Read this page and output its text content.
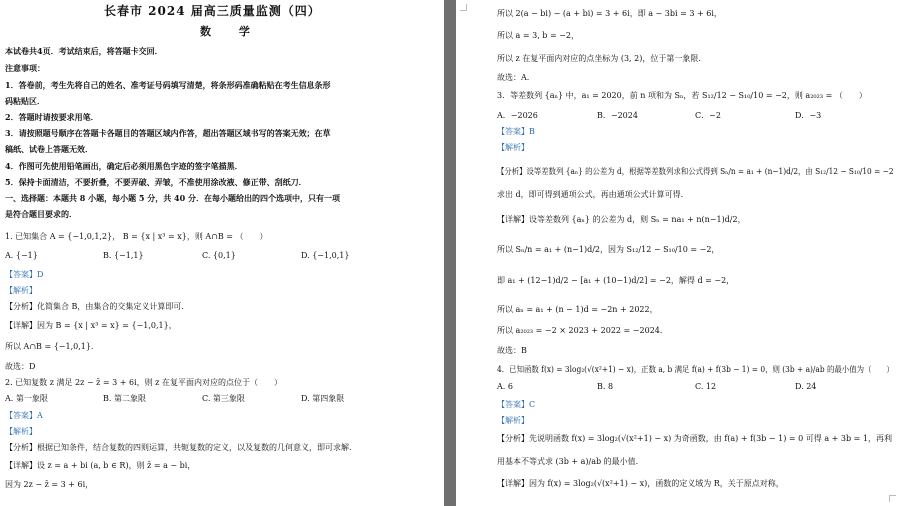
长春市 2024 届高三质量监测（四）
数 学
本试卷共4页．考试结束后，将答题卡交回．
注意事项：
1．答卷前，考生先将自己的姓名、准考证号码填写清楚，将条形码准确粘贴在考生信息条形
码粘贴区．
2．答题时请按要求用笔．
3．请按照题号顺序在答题卡各题目的答题区域内作答，超出答题区域书写的答案无效；在草
稿纸、试卷上答题无效．
4．作图可先使用铅笔画出，确定后必须用黑色字迹的签字笔描黑．
5．保持卡面清洁，不要折叠，不要弄破、弄皱，不准使用涂改液、修正带、刮纸刀．
一、选择题：本题共 8 小题，每小题 5 分，共 40 分．在每小题给出的四个选项中，只有一项
是符合题目要求的．
1. 已知集合 A = {−1,0,1,2}， B = {x | x³ = x}，则 A∩B = （　　）
A. {−1}	B. {−1,1}	C. {0,1}	D. {−1,0,1}
【答案】D
【解析】
【分析】化简集合 B，由集合的交集定义计算即可.
【详解】因为 B = {x | x³ = x} = {−1,0,1}，
所以 A∩B = {−1,0,1}．
故选：D
2. 已知复数 z 满足 2z − z̄ = 3 + 6i，则 z 在复平面内对应的点位于（　　）
A. 第一象限	B. 第二象限	C. 第三象限	D. 第四象限
【答案】A
【解析】
【分析】根据已知条件，结合复数的四则运算，共轭复数的定义，以及复数的几何意义，即可求解.
【详解】设 z = a + bi (a, b ∈ R)，则 z̄ = a − bi，
因为 2z − z̄ = 3 + 6i，
所以 2(a − bi) − (a + bi) = 3 + 6i，即 a − 3bi = 3 + 6i，
所以 a = 3, b = −2，
所以 z 在复平面内对应的点坐标为 (3, 2)，位于第一象限.
故选：A.
3．等差数列 {aₙ} 中，a₁ = 2020，前 n 项和为 Sₙ，若 S₁₂/12 − S₁₀/10 = −2，则 a₂₀₂₃ = （　　）
A．−2026	B．−2024	C．−2	D．−3
【答案】B
【解析】
【分析】设等差数列 {aₙ} 的公差为 d，根据等差数列求和公式得到 Sₙ/n = a₁ + (n−1)d/2，由 S₁₂/12 − S₁₀/10 = −2
求出 d，即可得到通项公式，再由通项公式计算可得.
【详解】设等差数列 {aₙ} 的公差为 d，则 Sₙ = na₁ + n(n−1)d/2，
所以 Sₙ/n = a₁ + (n−1)d/2，因为 S₁₂/12 − S₁₀/10 = −2，
即 a₁ + (12−1)d/2 − [a₁ + (10−1)d/2] = −2，解得 d = −2，
所以 aₙ = a₁ + (n − 1)d = −2n + 2022，
所以 a₂₀₂₃ = −2 × 2023 + 2022 = −2024．
故选：B
4．已知函数 f(x) = 3log₂(√(x²+1) − x)，正数 a, b 满足 f(a) + f(3b − 1) = 0，则 (3b + a)/ab 的最小值为（　　）
A. 6	B. 8	C. 12	D. 24
【答案】C
【解析】
【分析】先说明函数 f(x) = 3log₂(√(x²+1) − x) 为奇函数，由 f(a) + f(3b − 1) = 0 可得 a + 3b = 1，再利
用基本不等式求 (3b + a)/ab 的最小值.
【详解】因为 f(x) = 3log₂(√(x²+1) − x)，函数的定义域为 R，关于原点对称，
